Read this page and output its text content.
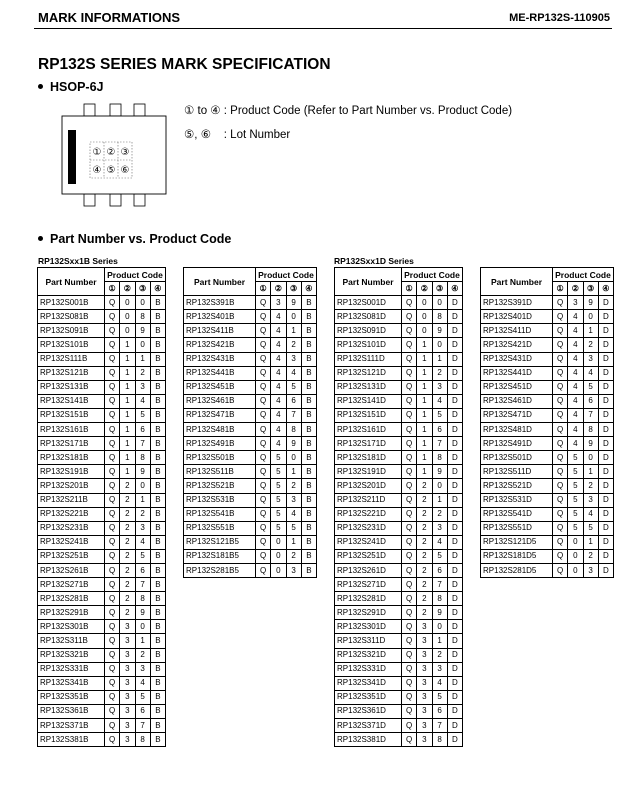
MARK INFORMATIONS	ME-RP132S-110905
RP132S SERIES MARK SPECIFICATION
HSOP-6J
① ② ③
④ ⑤ ⑥
① to ④ : Product Code (Refer to Part Number vs. Product Code)
⑤, ⑥    : Lot Number
Part Number vs. Product Code
RP132Sxx1B Series	RP132Sxx1D Series
Part Number	Product Code			
	①	②	③	④
RP132S001B	Q	0	0	B
RP132S081B	Q	0	8	B
RP132S091B	Q	0	9	B
RP132S101B	Q	1	0	B
RP132S111B	Q	1	1	B
RP132S121B	Q	1	2	B
RP132S131B	Q	1	3	B
RP132S141B	Q	1	4	B
RP132S151B	Q	1	5	B
RP132S161B	Q	1	6	B
RP132S171B	Q	1	7	B
RP132S181B	Q	1	8	B
RP132S191B	Q	1	9	B
RP132S201B	Q	2	0	B
RP132S211B	Q	2	1	B
RP132S221B	Q	2	2	B
RP132S231B	Q	2	3	B
RP132S241B	Q	2	4	B
RP132S251B	Q	2	5	B
RP132S261B	Q	2	6	B
RP132S271B	Q	2	7	B
RP132S281B	Q	2	8	B
RP132S291B	Q	2	9	B
RP132S301B	Q	3	0	B
RP132S311B	Q	3	1	B
RP132S321B	Q	3	2	B
RP132S331B	Q	3	3	B
RP132S341B	Q	3	4	B
RP132S351B	Q	3	5	B
RP132S361B	Q	3	6	B
RP132S371B	Q	3	7	B
RP132S381B	Q	3	8	B
Part Number	Product Code			
	①	②	③	④
RP132S391B	Q	3	9	B
RP132S401B	Q	4	0	B
RP132S411B	Q	4	1	B
RP132S421B	Q	4	2	B
RP132S431B	Q	4	3	B
RP132S441B	Q	4	4	B
RP132S451B	Q	4	5	B
RP132S461B	Q	4	6	B
RP132S471B	Q	4	7	B
RP132S481B	Q	4	8	B
RP132S491B	Q	4	9	B
RP132S501B	Q	5	0	B
RP132S511B	Q	5	1	B
RP132S521B	Q	5	2	B
RP132S531B	Q	5	3	B
RP132S541B	Q	5	4	B
RP132S551B	Q	5	5	B
RP132S121B5	Q	0	1	B
RP132S181B5	Q	0	2	B
RP132S281B5	Q	0	3	B
Part Number	Product Code			
	①	②	③	④
RP132S001D	Q	0	0	D
RP132S081D	Q	0	8	D
RP132S091D	Q	0	9	D
RP132S101D	Q	1	0	D
RP132S111D	Q	1	1	D
RP132S121D	Q	1	2	D
RP132S131D	Q	1	3	D
RP132S141D	Q	1	4	D
RP132S151D	Q	1	5	D
RP132S161D	Q	1	6	D
RP132S171D	Q	1	7	D
RP132S181D	Q	1	8	D
RP132S191D	Q	1	9	D
RP132S201D	Q	2	0	D
RP132S211D	Q	2	1	D
RP132S221D	Q	2	2	D
RP132S231D	Q	2	3	D
RP132S241D	Q	2	4	D
RP132S251D	Q	2	5	D
RP132S261D	Q	2	6	D
RP132S271D	Q	2	7	D
RP132S281D	Q	2	8	D
RP132S291D	Q	2	9	D
RP132S301D	Q	3	0	D
RP132S311D	Q	3	1	D
RP132S321D	Q	3	2	D
RP132S331D	Q	3	3	D
RP132S341D	Q	3	4	D
RP132S351D	Q	3	5	D
RP132S361D	Q	3	6	D
RP132S371D	Q	3	7	D
RP132S381D	Q	3	8	D
Part Number	Product Code			
	①	②	③	④
RP132S391D	Q	3	9	D
RP132S401D	Q	4	0	D
RP132S411D	Q	4	1	D
RP132S421D	Q	4	2	D
RP132S431D	Q	4	3	D
RP132S441D	Q	4	4	D
RP132S451D	Q	4	5	D
RP132S461D	Q	4	6	D
RP132S471D	Q	4	7	D
RP132S481D	Q	4	8	D
RP132S491D	Q	4	9	D
RP132S501D	Q	5	0	D
RP132S511D	Q	5	1	D
RP132S521D	Q	5	2	D
RP132S531D	Q	5	3	D
RP132S541D	Q	5	4	D
RP132S551D	Q	5	5	D
RP132S121D5	Q	0	1	D
RP132S181D5	Q	0	2	D
RP132S281D5	Q	0	3	D
